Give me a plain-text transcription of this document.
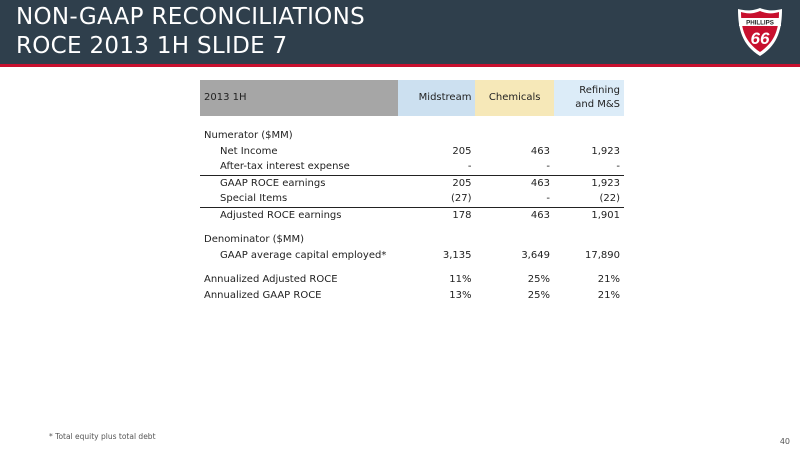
NON-GAAP RECONCILIATIONS
ROCE 2013 1H SLIDE 7
PHILLIPS
66
2013 1H	Midstream	Chemicals	Refining and M&S

Numerator ($MM)			
Net Income	205	463	1,923
After-tax interest expense	-	-	-
GAAP ROCE earnings	205	463	1,923
Special Items	(27)	-	(22)
Adjusted ROCE earnings	178	463	1,901

Denominator ($MM)			
GAAP average capital employed*	3,135	3,649	17,890

Annualized Adjusted ROCE	11%	25%	21%
Annualized GAAP ROCE	13%	25%	21%
* Total equity plus total debt
40
